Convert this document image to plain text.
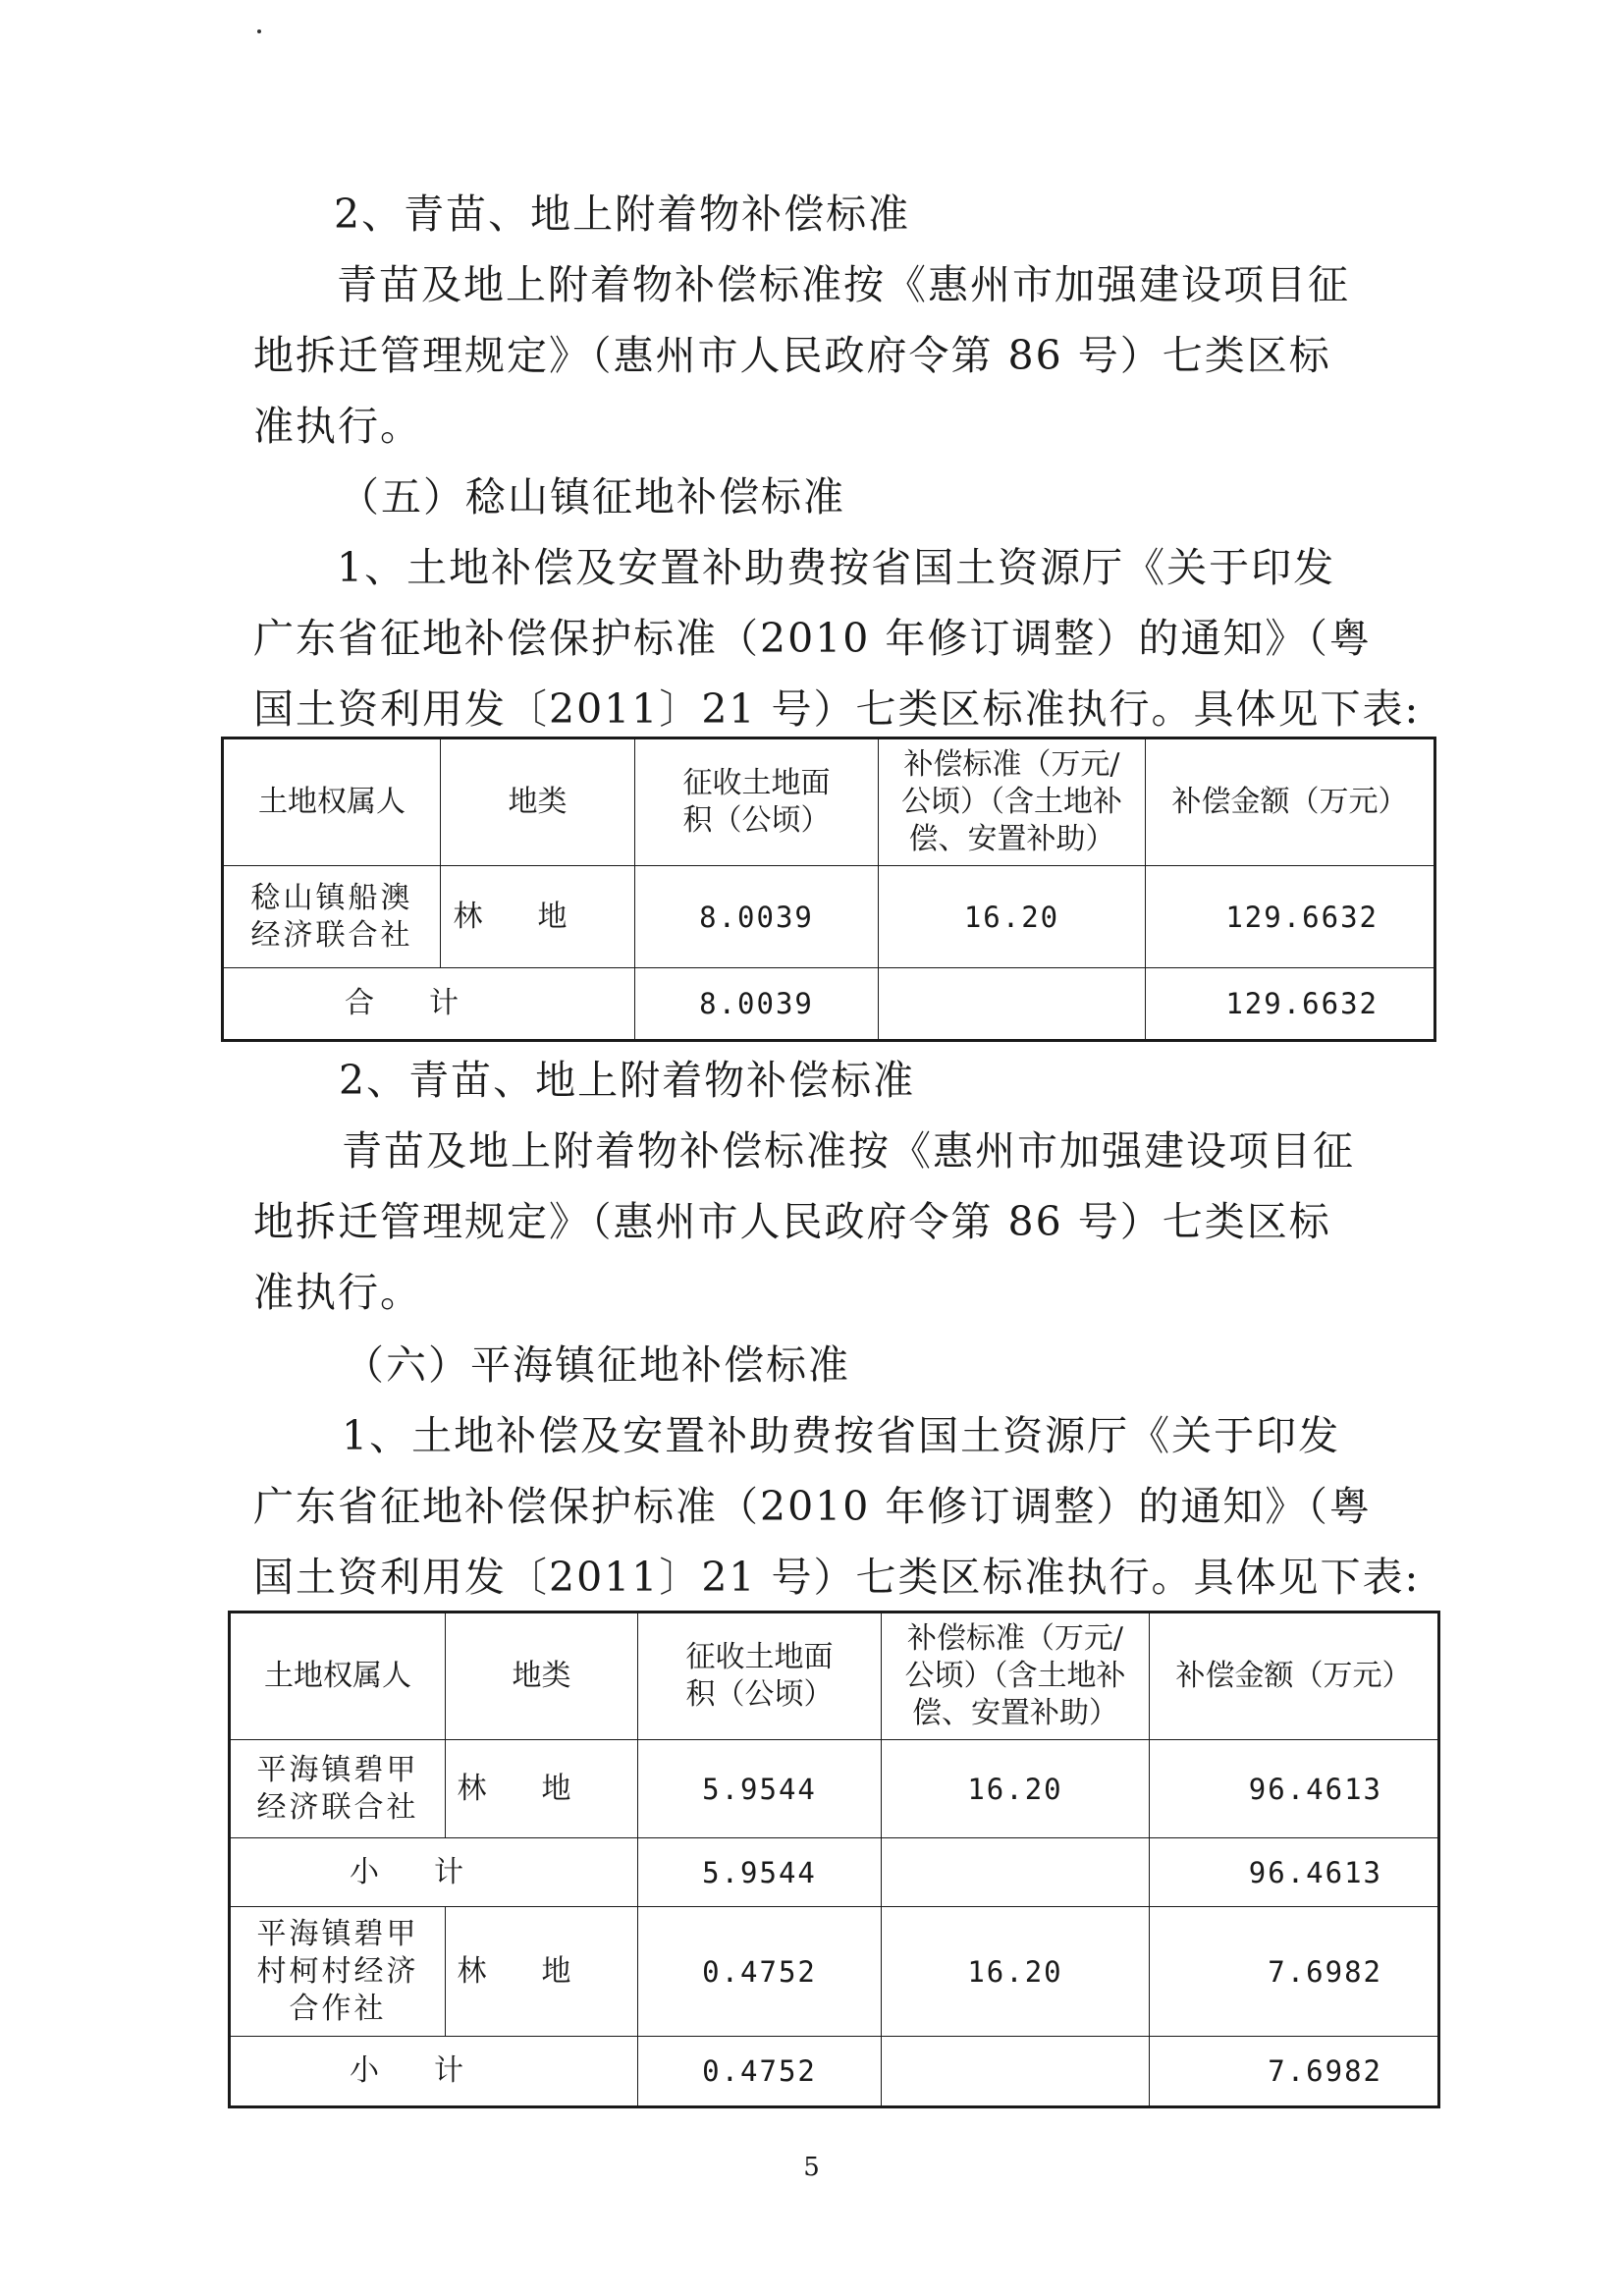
2、青苗、地上附着物补偿标准

青苗及地上附着物补偿标准按《惠州市加强建设项目征
地拆迁管理规定》（惠州市人民政府令第 86 号）七类区标
准执行。

（五）稔山镇征地补偿标准

1、土地补偿及安置补助费按省国土资源厅《关于印发
广东省征地补偿保护标准（2010 年修订调整）的通知》（粤
国土资利用发〔2011〕21 号）七类区标准执行。具体见下表:

土地权属人	地类	征收土地面积（公顷）	补偿标准（万元/公顷）（含土地补偿、安置补助）	补偿金额（万元）
稔山镇船澳经济联合社	林地	8.0039	16.20	129.6632
合计		8.0039		129.6632

2、青苗、地上附着物补偿标准

青苗及地上附着物补偿标准按《惠州市加强建设项目征
地拆迁管理规定》（惠州市人民政府令第 86 号）七类区标
准执行。

（六）平海镇征地补偿标准

1、土地补偿及安置补助费按省国土资源厅《关于印发
广东省征地补偿保护标准（2010 年修订调整）的通知》（粤
国土资利用发〔2011〕21 号）七类区标准执行。具体见下表:

土地权属人	地类	征收土地面积（公顷）	补偿标准（万元/公顷）（含土地补偿、安置补助）	补偿金额（万元）
平海镇碧甲经济联合社	林地	5.9544	16.20	96.4613
小计		5.9544		96.4613
平海镇碧甲村柯村经济合作社	林地	0.4752	16.20	7.6982
小计		0.4752		7.6982
5
